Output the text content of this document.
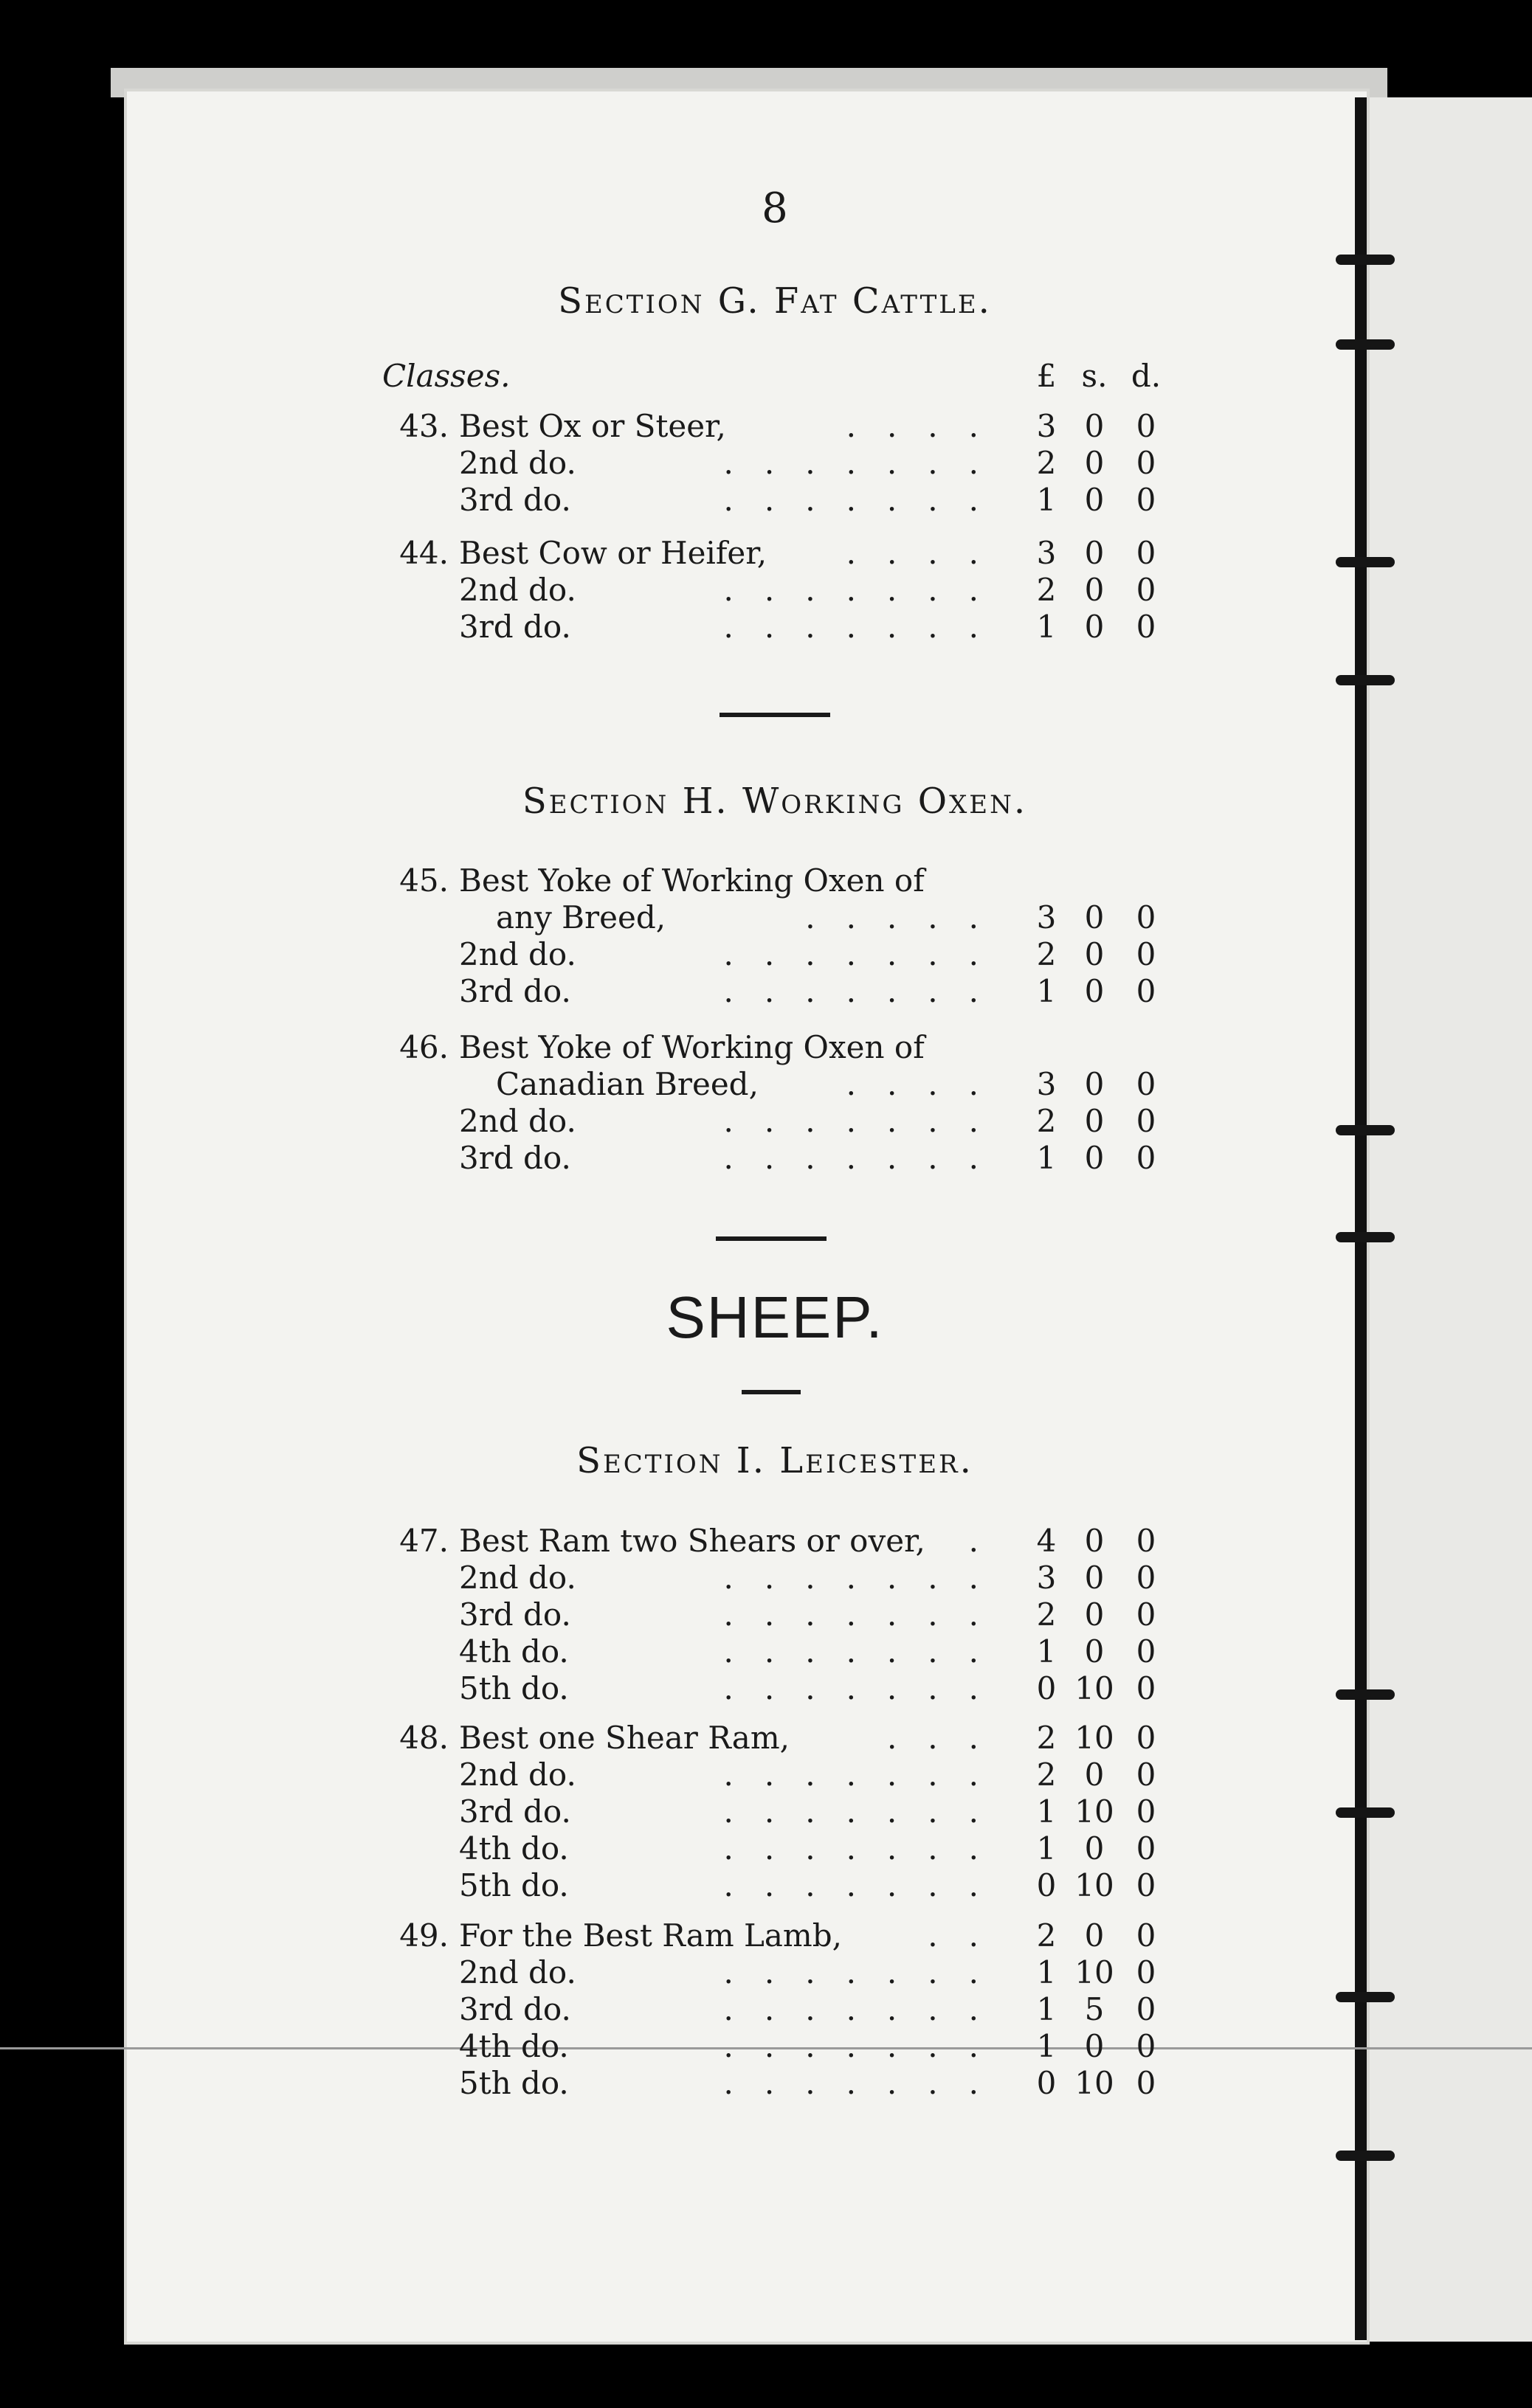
8
Section G. Fat Cattle.
Classes.	£ s. d.
43. Best Ox or Steer,	.... 3 0	0
2nd do.	....... 2 0	0
3rd do.	....... 1 0	0
44. Best Cow or Heifer,	.... 3 0	0
2nd do.	....... 2 0	0
3rd do.	....... 1 0	0
Section H. Working Oxen.
45. Best Yoke of Working Oxen of
any Breed,	..... 3 0	0
2nd do.	....... 2 0	0
3rd do.	....... 1 0	0
46. Best Yoke of Working Oxen of
Canadian Breed,	.... 3 0	0
2nd do.	....... 2 0	0
3rd do.	....... 1 0	0
SHEEP.
Section I. Leicester.
47. Best Ram two Shears or over, . 4 0	0
2nd do.	....... 3 0	0
3rd do.	....... 2 0	0
4th do.	....... 1 0	0
5th do.	....... 0 10 0
48. Best one Shear Ram,	... 2 10 0
2nd do.	....... 2 0	0
3rd do.	....... 1 10 0
4th do.	....... 1 0	0
5th do.	....... 0 10 0
49. For the Best Ram Lamb,	.. 2 0	0
2nd do.	....... 1 10 0
3rd do.	....... 1 5	0
4th do.	....... 1 0	0
5th do.	....... 0 10 0
